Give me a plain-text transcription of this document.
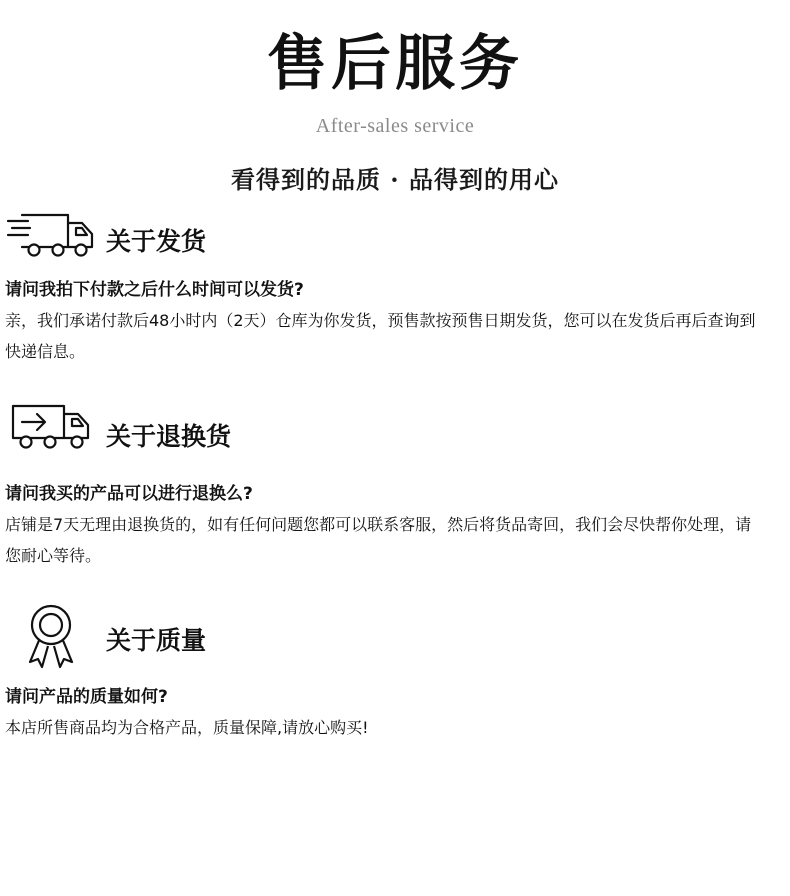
售后服务
After-sales service
看得到的品质 · 品得到的用心
关于发货
请问我拍下付款之后什么时间可以发货?
亲，我们承诺付款后48小时内（2天）仓库为你发货，预售款按预售日期发货，您可以在发货后再后查询到快递信息。
关于退换货
请问我买的产品可以进行退换么?
店铺是7天无理由退换货的，如有任何问题您都可以联系客服，然后将货品寄回，我们会尽快帮你处理，请您耐心等待。
关于质量
请问产品的质量如何?
本店所售商品均为合格产品，质量保障,请放心购买!
